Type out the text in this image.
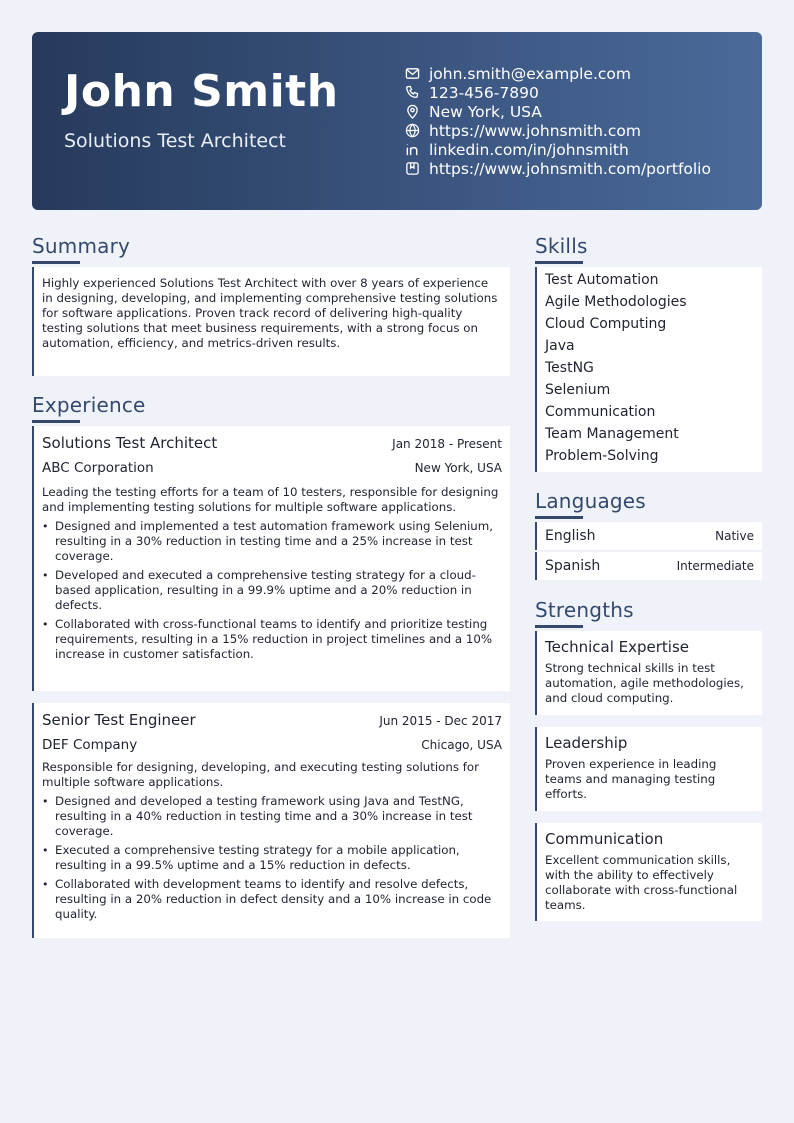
John Smith
Solutions Test Architect
john.smith@example.com
123-456-7890
New York, USA
https://www.johnsmith.com
linkedin.com/in/johnsmith
https://www.johnsmith.com/portfolio
Summary
Highly experienced Solutions Test Architect with over 8 years of experience in designing, developing, and implementing comprehensive testing solutions for software applications. Proven track record of delivering high-quality testing solutions that meet business requirements, with a strong focus on automation, efficiency, and metrics-driven results.
Experience
Solutions Test Architect	Jan 2018 - Present
ABC Corporation	New York, USA
Leading the testing efforts for a team of 10 testers, responsible for designing and implementing testing solutions for multiple software applications.
• Designed and implemented a test automation framework using Selenium, resulting in a 30% reduction in testing time and a 25% increase in test coverage.
• Developed and executed a comprehensive testing strategy for a cloud-based application, resulting in a 99.9% uptime and a 20% reduction in defects.
• Collaborated with cross-functional teams to identify and prioritize testing requirements, resulting in a 15% reduction in project timelines and a 10% increase in customer satisfaction.
Senior Test Engineer	Jun 2015 - Dec 2017
DEF Company	Chicago, USA
Responsible for designing, developing, and executing testing solutions for multiple software applications.
• Designed and developed a testing framework using Java and TestNG, resulting in a 40% reduction in testing time and a 30% increase in test coverage.
• Executed a comprehensive testing strategy for a mobile application, resulting in a 99.5% uptime and a 15% reduction in defects.
• Collaborated with development teams to identify and resolve defects, resulting in a 20% reduction in defect density and a 10% increase in code quality.
Skills
Test Automation
Agile Methodologies
Cloud Computing
Java
TestNG
Selenium
Communication
Team Management
Problem-Solving
Languages
English	Native
Spanish	Intermediate
Strengths
Technical Expertise
Strong technical skills in test automation, agile methodologies, and cloud computing.
Leadership
Proven experience in leading teams and managing testing efforts.
Communication
Excellent communication skills, with the ability to effectively collaborate with cross-functional teams.
